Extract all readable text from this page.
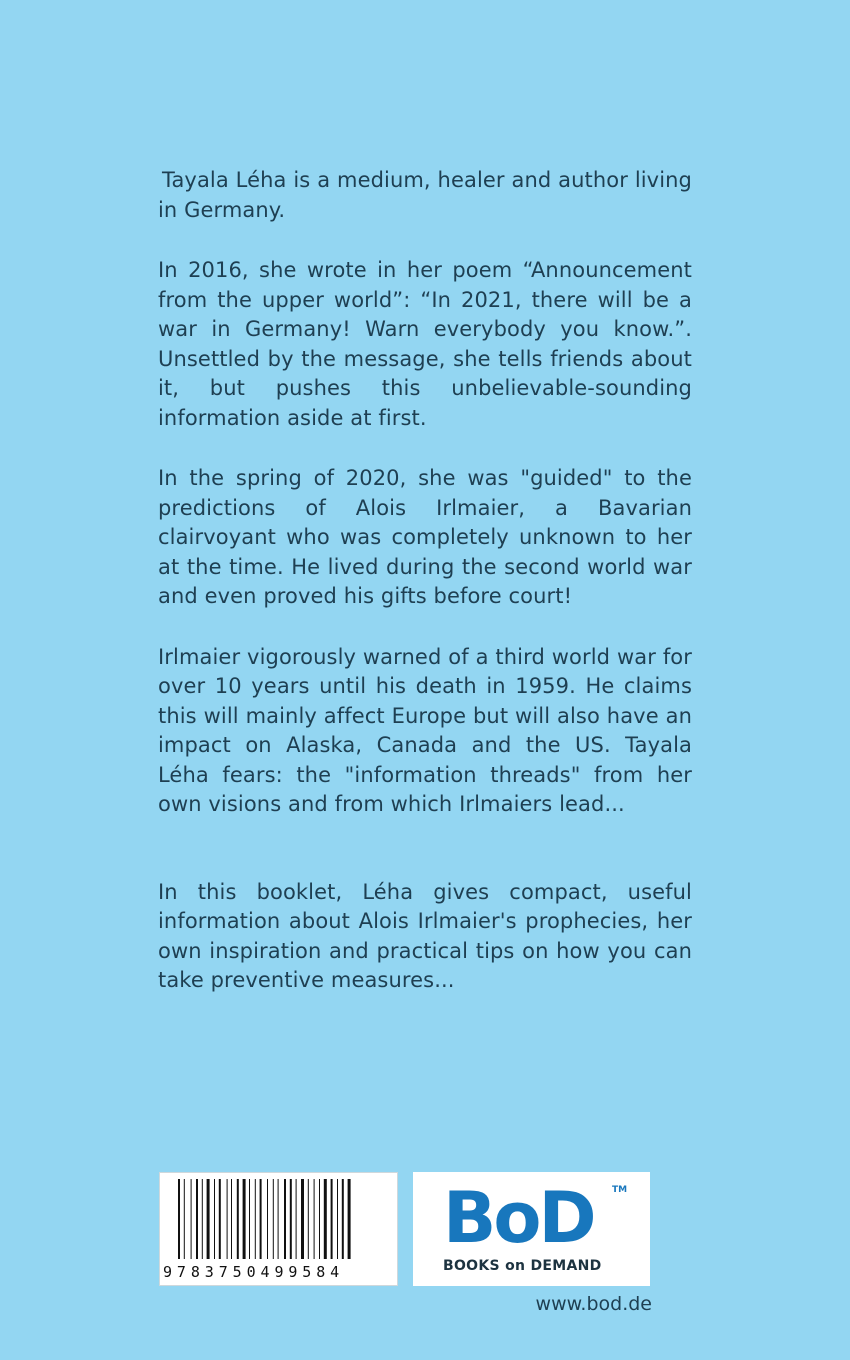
Tayala Léha is a medium, healer and author living in Germany.

In 2016, she wrote in her poem “Announcement from the upper world”: “In 2021, there will be a war in Germany! Warn everybody you know.”. Unsettled by the message, she tells friends about it, but pushes this unbelievable-sounding information aside at first.

In the spring of 2020, she was "guided" to the predictions of Alois Irlmaier, a Bavarian clairvoyant who was completely unknown to her at the time. He lived during the second world war and even proved his gifts before court!

Irlmaier vigorously warned of a third world war for over 10 years until his death in 1959. He claims this will mainly affect Europe but will also have an impact on Alaska, Canada and the US. Tayala Léha fears: the "information threads" from her own visions and from which Irlmaiers lead...

In this booklet, Léha gives compact, useful information about Alois Irlmaier's prophecies, her own inspiration and practical tips on how you can take preventive measures...

9783750499584
BoD TM
BOOKS on DEMAND
www.bod.de
